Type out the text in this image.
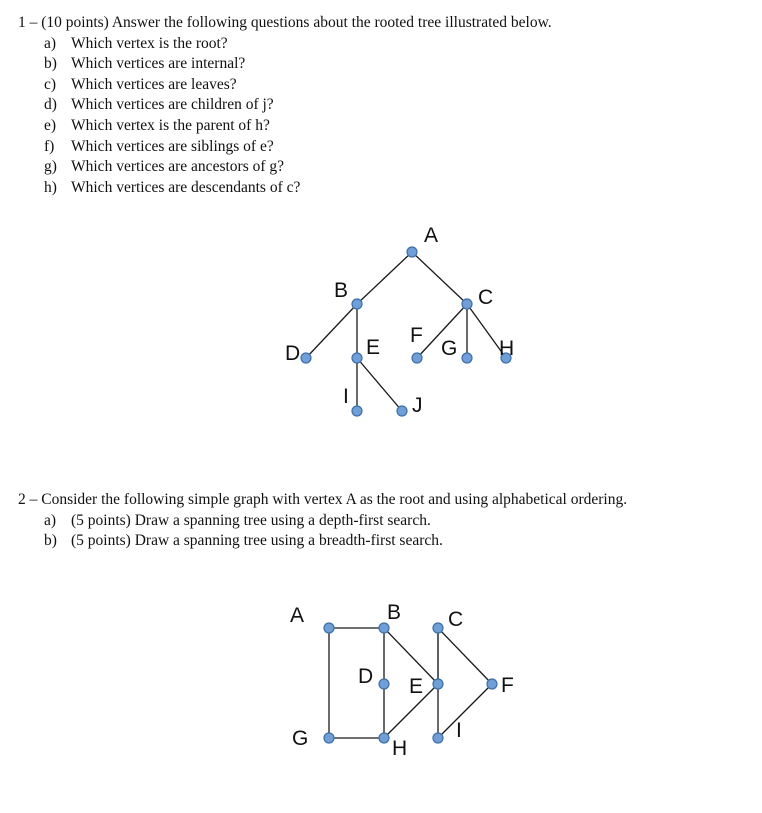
1 – (10 points) Answer the following questions about the rooted tree illustrated below.

a) Which vertex is the root?

b) Which vertices are internal?

c) Which vertices are leaves?

d) Which vertices are children of j?

e) Which vertex is the parent of h?

f) Which vertices are siblings of e?

g) Which vertices are ancestors of g?

h) Which vertices are descendants of c?

2 – Consider the following simple graph with vertex A as the root and using alphabetical ordering.

a) (5 points) Draw a spanning tree using a depth-first search.

b) (5 points) Draw a spanning tree using a breadth-first search.

A
B	C
D	E
F
G H
I	J
A	B C
D E	F
G	H
I
